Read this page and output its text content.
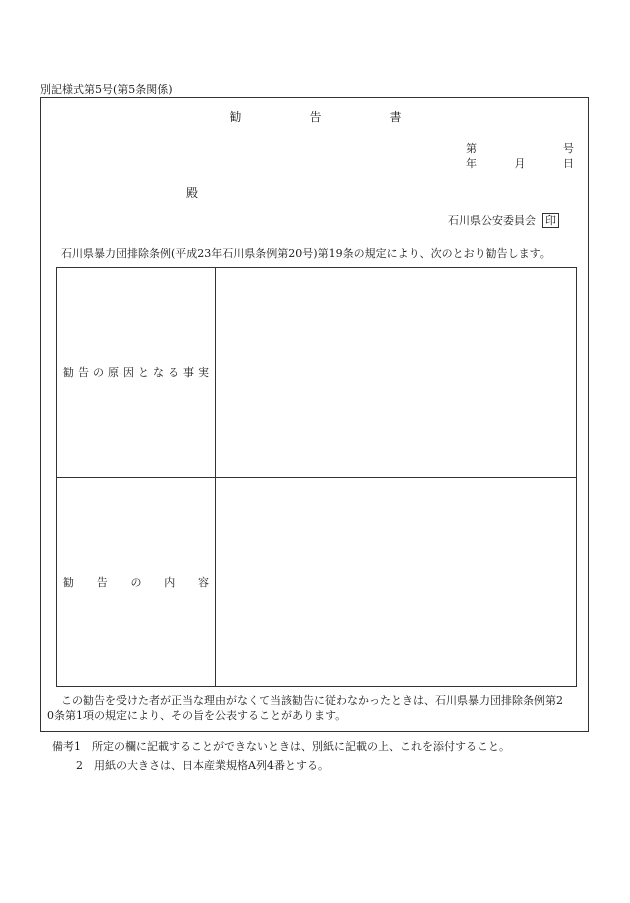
別記様式第5号(第5条関係)
勧	告	書
第	号
年	月	日
殿
石川県公安委員会 印
石川県暴力団排除条例(平成23年石川県条例第20号)第19条の規定により、次のとおり勧告します。
勧 告 の 原 因 と な る 事 実
勧 告 の 内 容
この勧告を受けた者が正当な理由がなくて当該勧告に従わなかったときは、石川県暴力団排除条例第2
0条第1項の規定により、その旨を公表することがあります。
備考1　所定の欄に記載することができないときは、別紙に記載の上、これを添付すること。
2　用紙の大きさは、日本産業規格A列4番とする。
